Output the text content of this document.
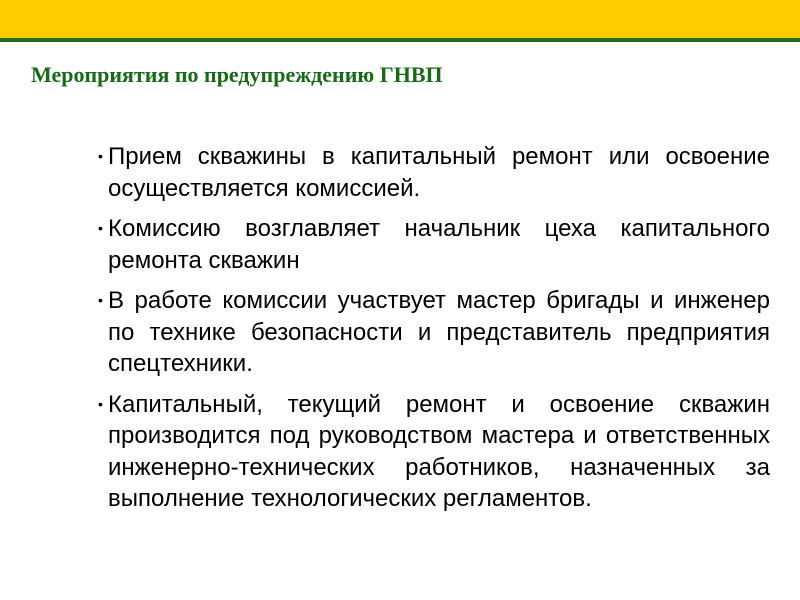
Мероприятия по предупреждению ГНВП
• Прием скважины в капитальный ремонт или освоение осуществляется комиссией.
• Комиссию возглавляет начальник цеха капитального ремонта скважин
• В работе комиссии участвует мастер бригады и инженер по технике безопасности и представитель предприятия спецтехники.
• Капитальный, текущий ремонт и освоение скважин производится под руководством мастера и ответственных инженерно-технических работников, назначенных за выполнение технологических регламентов.
